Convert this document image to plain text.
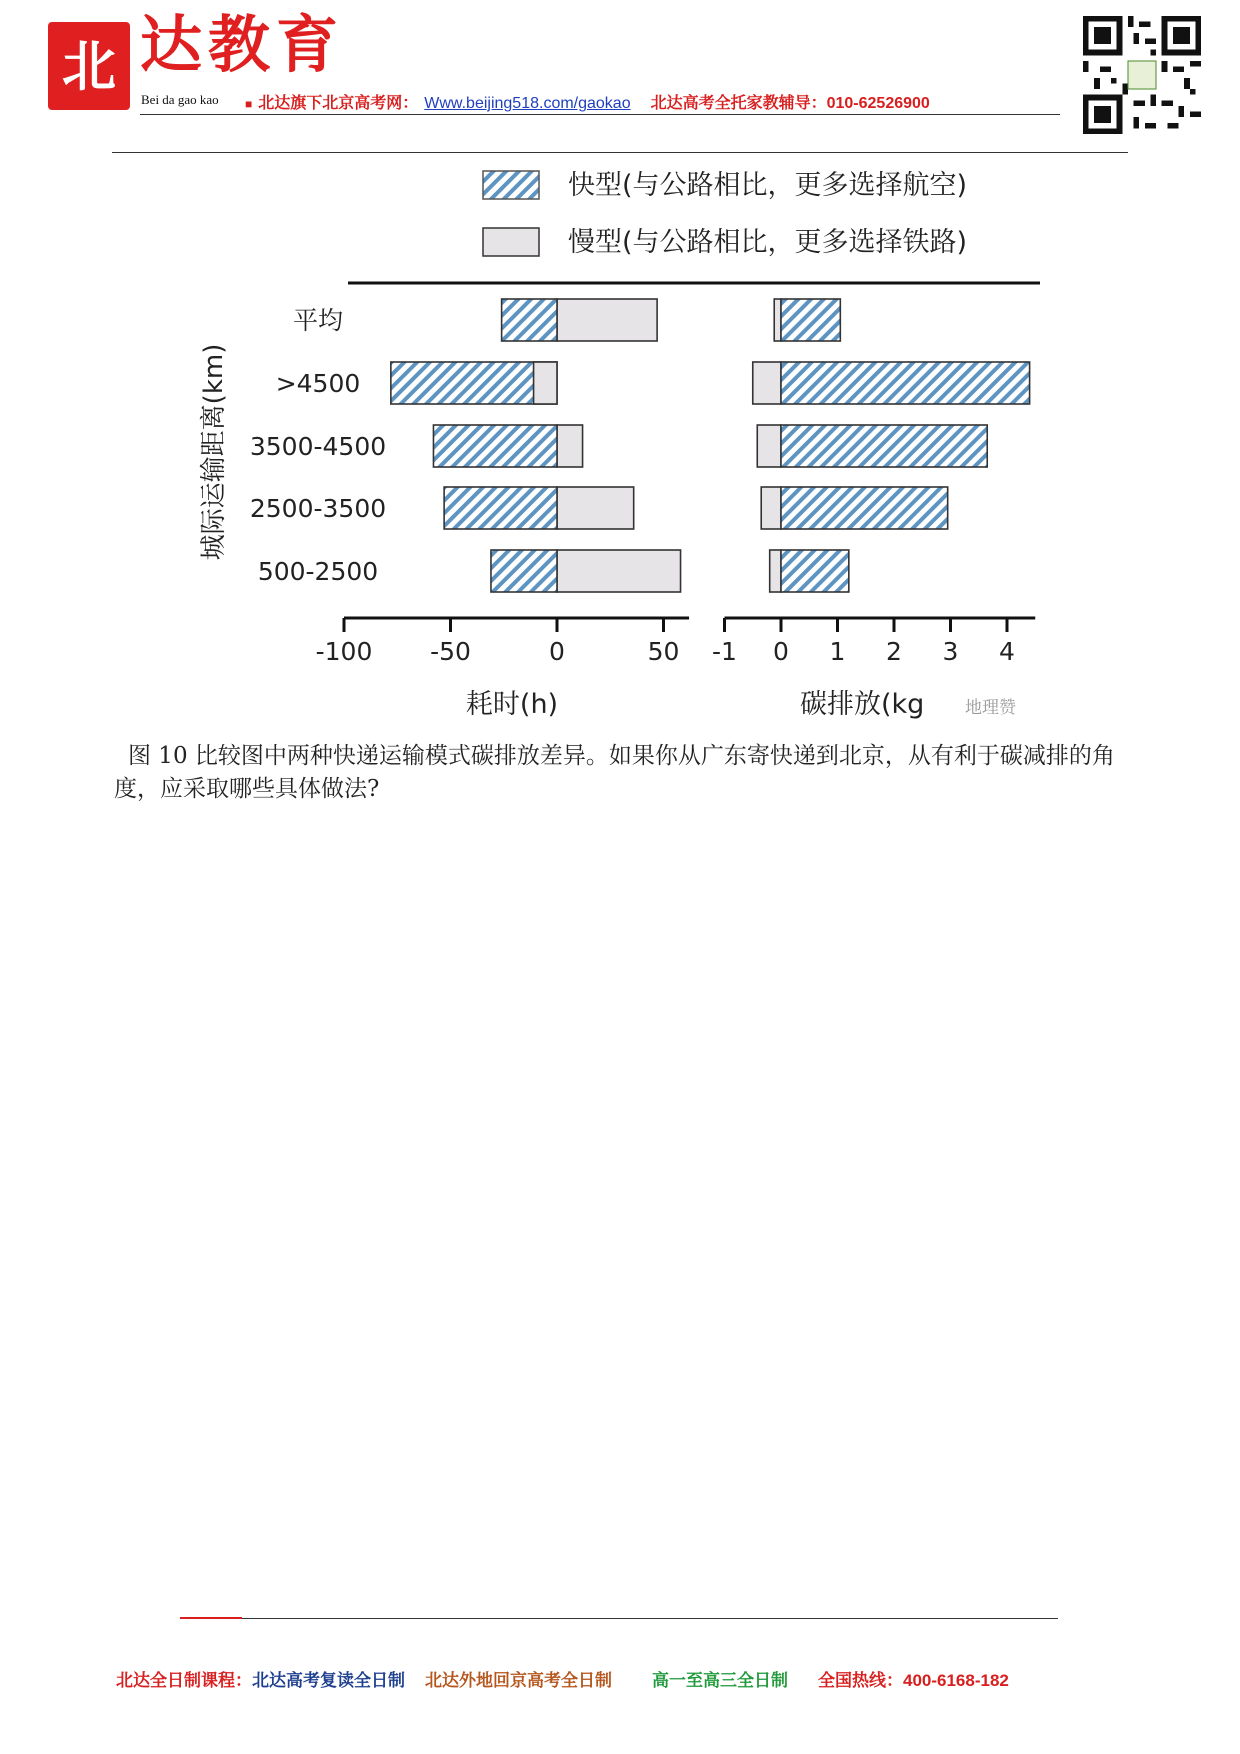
北 达教育
Bei da gao kao ■ 北达旗下北京高考网： Www.beijing518.com/gaokao 北达高考全托家教辅导：010-62526900
快型(与公路相比，更多选择航空)
慢型(与公路相比，更多选择铁路)
城际运输距离(km)
平均
>4500
3500-4500
2500-3500
500-2500
-100 -50	0	50 -1 0 1 2 3 4
耗时(h)	碳排放(kg 地理赞
图 10 比较图中两种快递运输模式碳排放差异。如果你从广东寄快递到北京，从有利于碳减排的角度，应采取哪些具体做法?
北达全日制课程：北达高考复读全日制 北达外地回京高考全日制 高一至高三全日制 全国热线：400-6168-182
